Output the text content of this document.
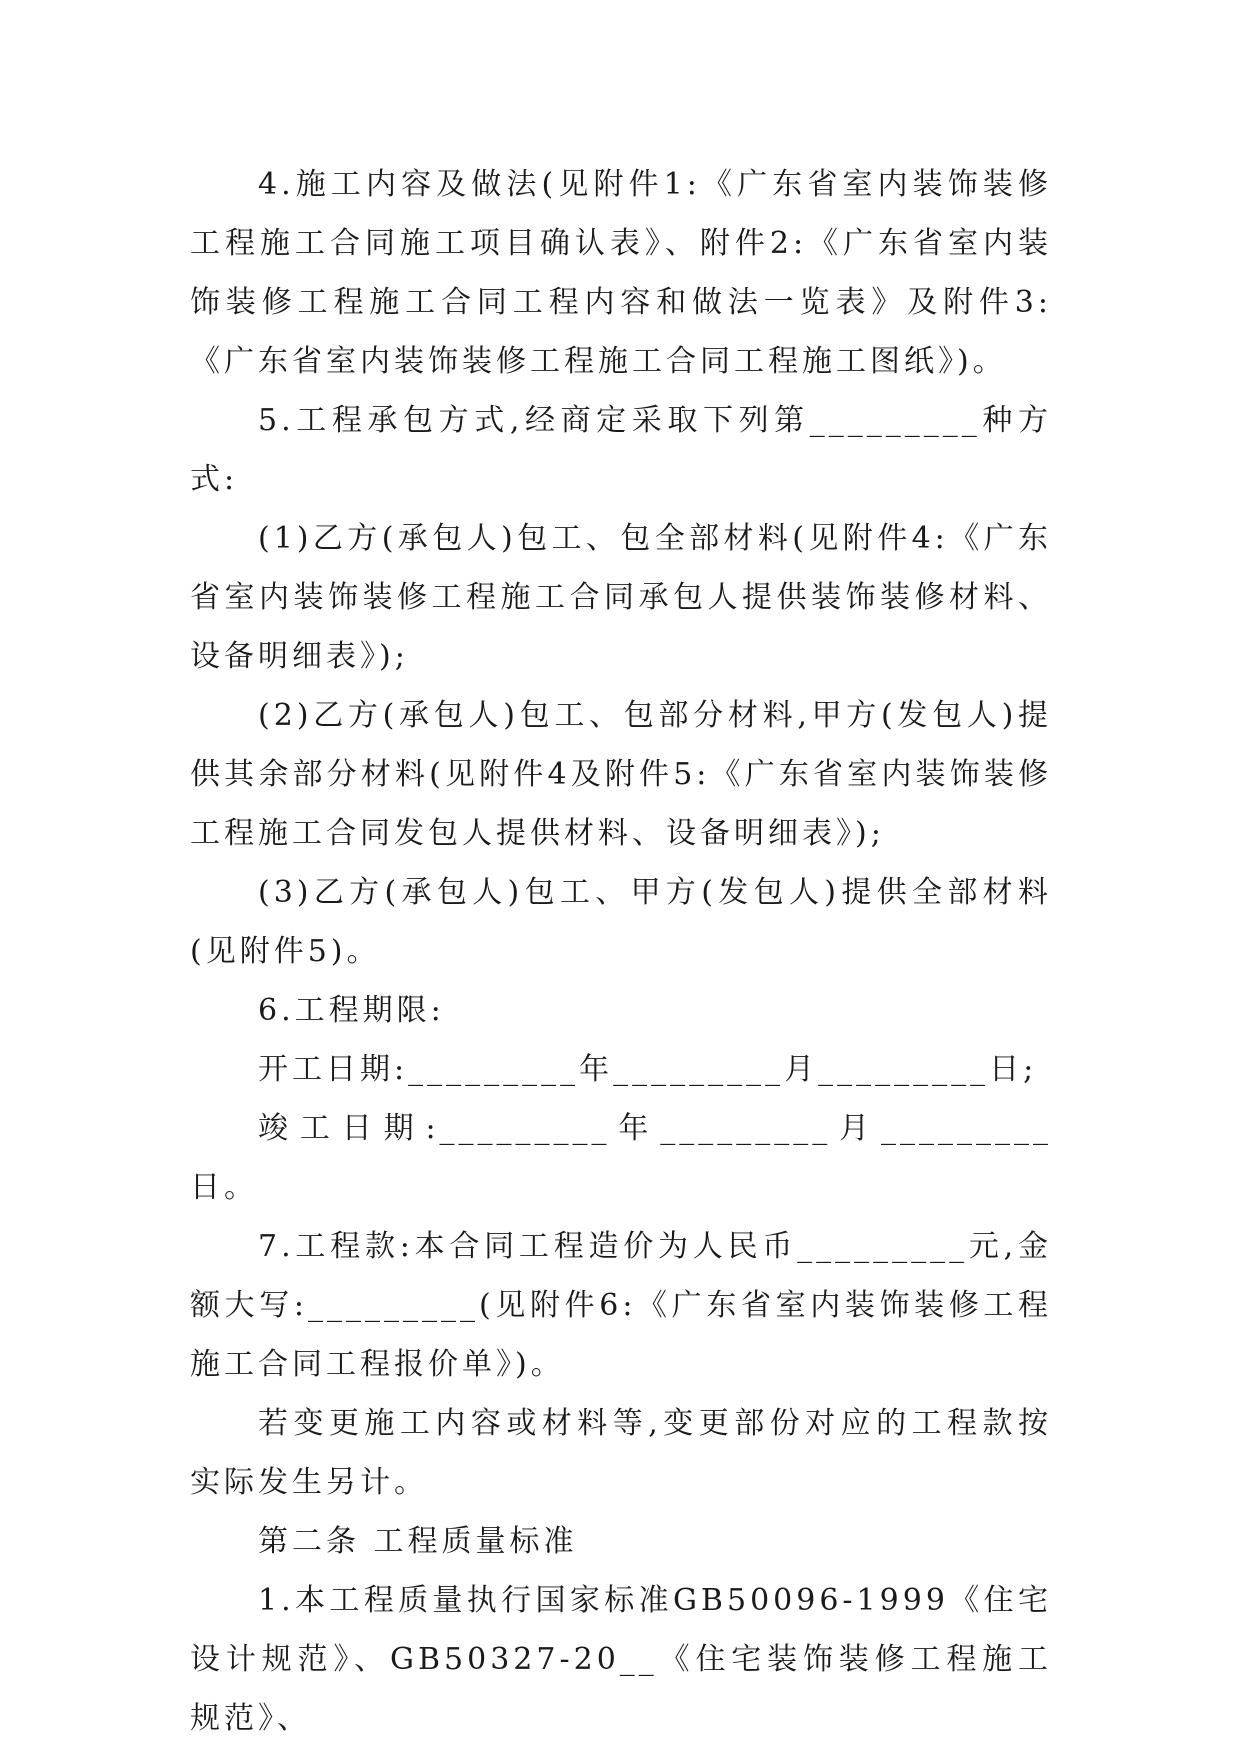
4.施工内容及做法(见附件1:《广东省室内装饰装修工程施工合同施工项目确认表》、附件2:《广东省室内装饰装修工程施工合同工程内容和做法一览表》及附件3:《广东省室内装饰装修工程施工合同工程施工图纸》)。

5.工程承包方式,经商定采取下列第_________种方式:

(1)乙方(承包人)包工、包全部材料(见附件4:《广东省室内装饰装修工程施工合同承包人提供装饰装修材料、设备明细表》);

(2)乙方(承包人)包工、包部分材料,甲方(发包人)提供其余部分材料(见附件4及附件5:《广东省室内装饰装修工程施工合同发包人提供材料、设备明细表》);

(3)乙方(承包人)包工、甲方(发包人)提供全部材料(见附件5)。

6.工程期限:

开工日期:_________年_________月_________日;

竣工日期:_________年_________月_________日。

7.工程款:本合同工程造价为人民币_________元,金额大写:_________(见附件6:《广东省室内装饰装修工程施工合同工程报价单》)。

若变更施工内容或材料等,变更部份对应的工程款按实际发生另计。

第二条 工程质量标准

1.本工程质量执行国家标准GB50096-1999《住宅设计规范》、GB50327-20__《住宅装饰装修工程施工规范》、
